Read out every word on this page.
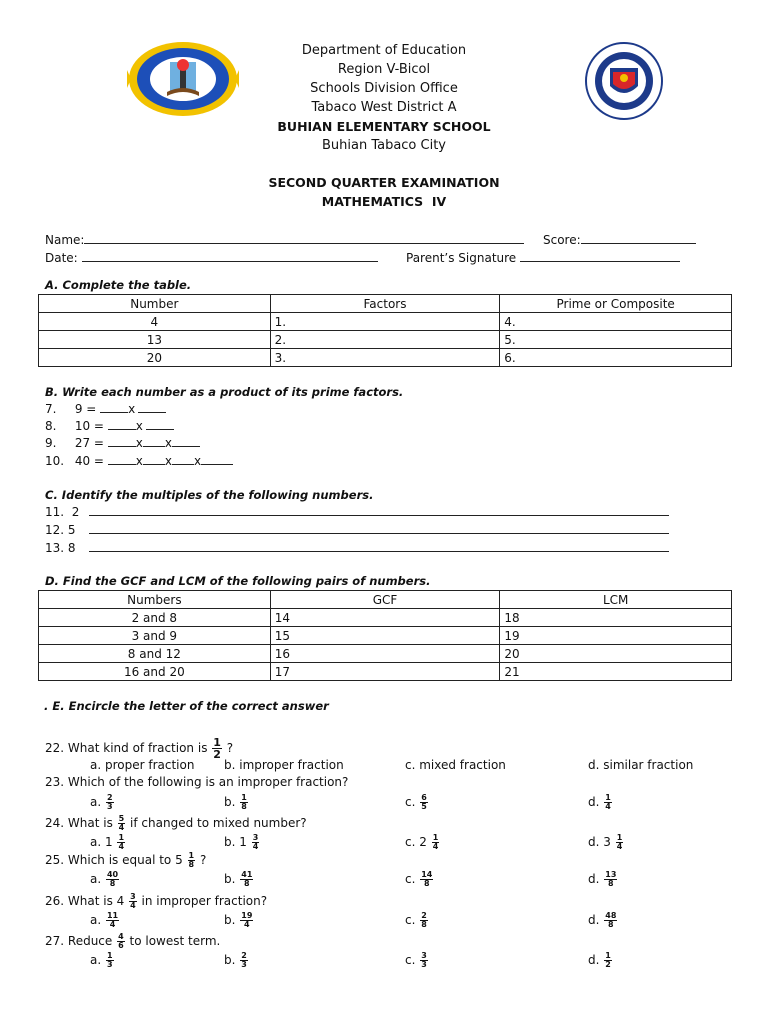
Department of Education
Region V-Bicol
Schools Division Office
Tabaco West District A
BUHIAN ELEMENTARY SCHOOL
Buhian Tabaco City
SECOND QUARTER EXAMINATION
MATHEMATICS  IV
Name:	Score:
Date:	Parent’s Signature
A. Complete the table.
Number	Factors	Prime or Composite
4	1.	4.
13	2.	5.
20	3.	6.
B. Write each number as a product of its prime factors.
7. 9 =	x
8. 10 =	x
9. 27 =	x x
10. 40 =	x x x
C. Identify the multiples of the following numbers.
11.  2
12. 5
13. 8
D. Find the GCF and LCM of the following pairs of numbers.
Numbers	GCF	LCM
2 and 8	14	18
3 and 9	15	19
8 and 12	16	20
16 and 20	17	21
. E. Encircle the letter of the correct answer
22. What kind of fraction is $\frac{1}{2}$ ?
a. proper fraction b. improper fraction	c. mixed fraction	d. similar fraction
23. Which of the following is an improper fraction?
a. $\frac{2}{3}$	b. $\frac{1}{8}$	c. $\frac{6}{5}$	d. $\frac{1}{4}$
24. What is $\frac{5}{4}$ if changed to mixed number?
a. $1 \frac{1}{4}$	b. $1 \frac{3}{4}$	c. $2 \frac{1}{4}$	d. $3 \frac{1}{4}$
25. Which is equal to $5 \frac{1}{8}$ ?
a. $\frac{40}{8}$	b. $\frac{41}{8}$	c. $\frac{14}{8}$	d. $\frac{13}{8}$
26. What is $4 \frac{3}{4}$ in improper fraction?
a. $\frac{11}{4}$	b. $\frac{19}{4}$	c. $\frac{2}{8}$	d. $\frac{48}{8}$
27. Reduce $\frac{4}{6}$ to lowest term.
a. $\frac{1}{3}$	b. $\frac{2}{3}$	c. $\frac{3}{3}$	d. $\frac{1}{2}$
